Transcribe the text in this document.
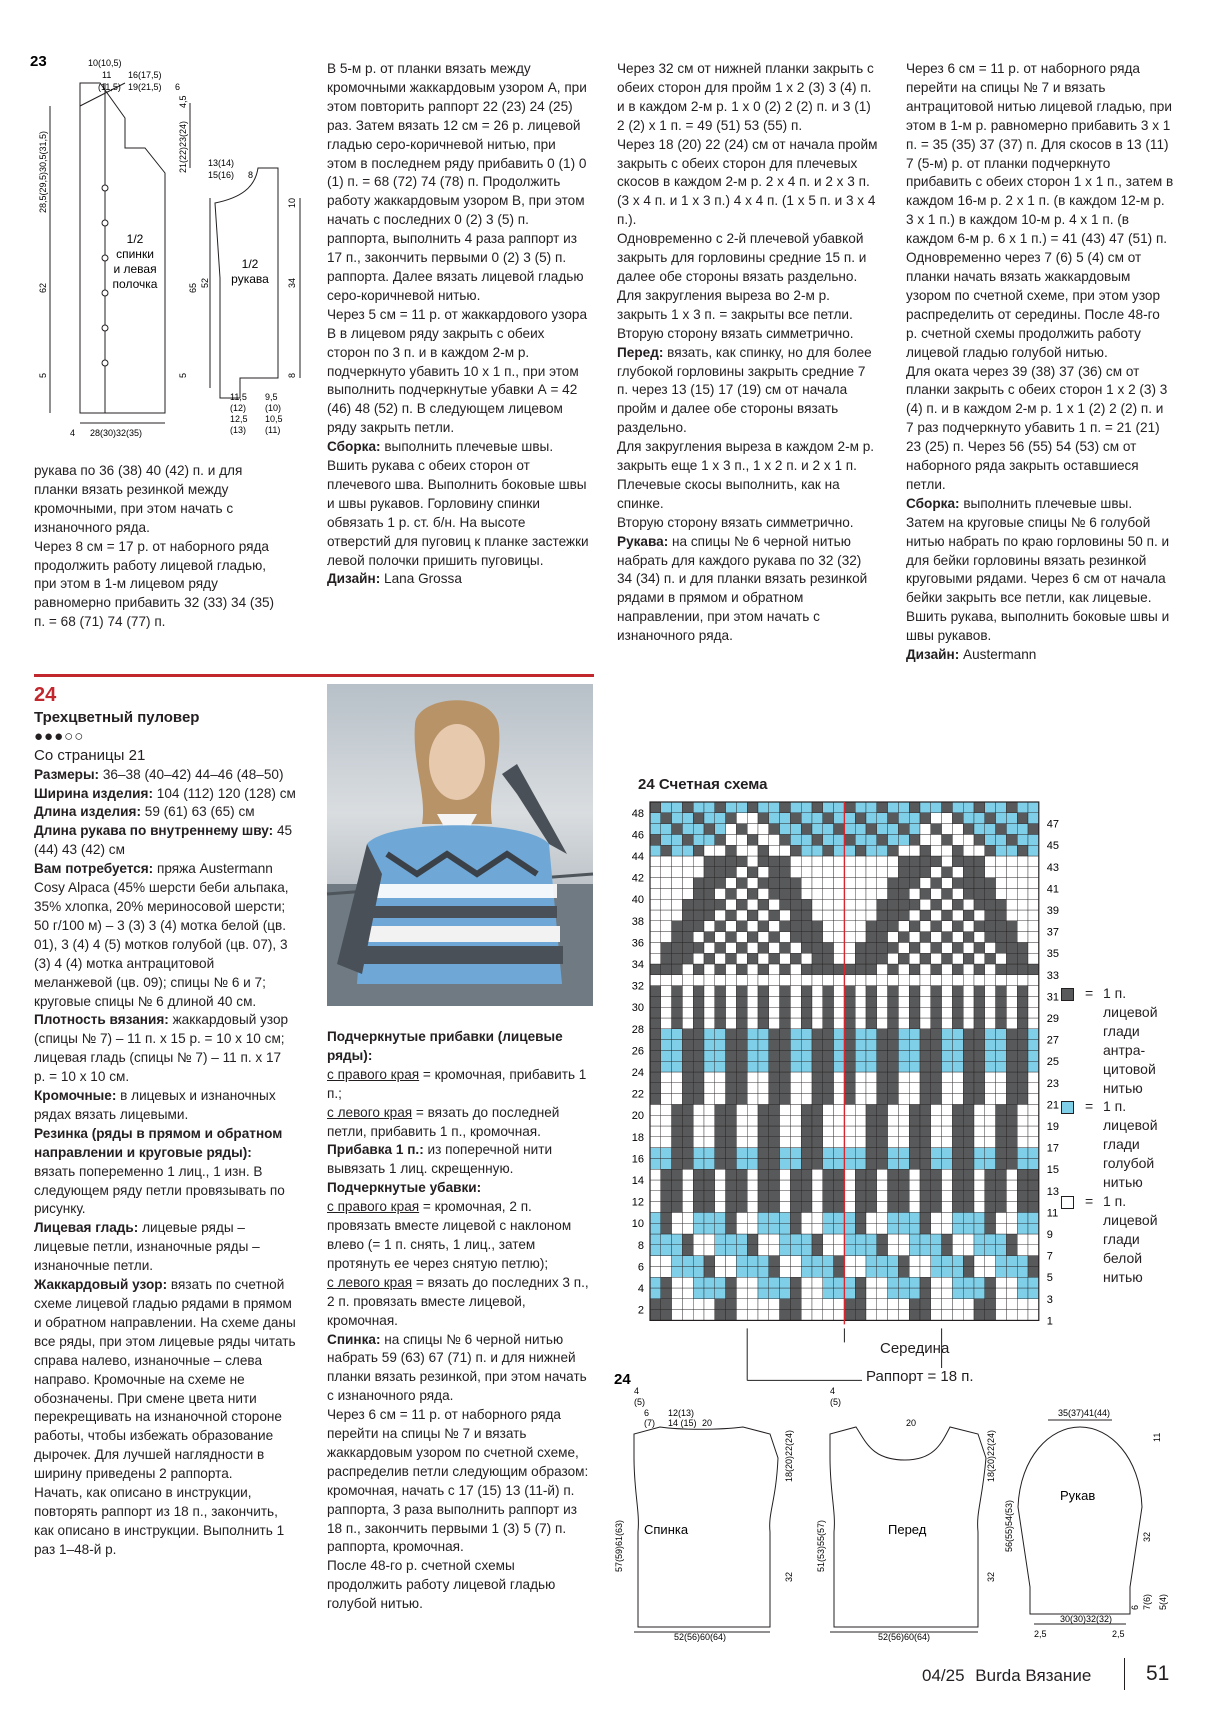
23	10(10,5)
11
(11,5)
16(17,5)
19(21,5) 6
1/2
спинки
и левая
полочка
1/2
рукава
13(14)
15(16) 8
28,5(29,5)30,5(31,5)	21(22)23(24)
4,5
62
5	5
4 28(30)32(35)
10
52
65	34
8
11,5
(12)
12,5
(13)
9,5
(10)
10,5
(11)

рукава по 36 (38) 40 (42) п. и для планки вязать резинкой между кромочными, при этом начать с изнаночного ряда.

Через 8 см = 17 р. от наборного ряда продолжить работу лицевой гладью, при этом в 1-м лицевом ряду равномерно прибавить 32 (33) 34 (35) п. = 68 (71) 74 (77) п.

В 5-м р. от планки вязать между кромочными жаккардовым узором А, при этом повторить раппорт 22 (23) 24 (25) раз. Затем вязать 12 см = 26 р. лицевой гладью серо-коричневой нитью, при этом в последнем ряду прибавить 0 (1) 0 (1) п. = 68 (72) 74 (78) п. Продолжить работу жаккардовым узором В, при этом начать с последних 0 (2) 3 (5) п. раппорта, выполнить 4 раза раппорт из 17 п., закончить первыми 0 (2) 3 (5) п. раппорта. Далее вязать лицевой гладью серо-коричневой нитью.

Через 5 см = 11 р. от жаккардового узора В в лицевом ряду закрыть с обеих сторон по 3 п. и в каждом 2-м р. подчеркнуто убавить 10 х 1 п., при этом выполнить подчеркнутые убавки А = 42 (46) 48 (52) п. В следующем лицевом ряду закрыть петли.

Сборка: выполнить плечевые швы. Вшить рукава с обеих сторон от плечевого шва. Выполнить боковые швы и швы рукавов. Горловину спинки обвязать 1 р. ст. б/н. На высоте отверстий для пуговиц к планке застежки левой полочки пришить пуговицы.

Дизайн: Lana Grossa

Через 32 см от нижней планки закрыть с обеих сторон для пройм 1 х 2 (3) 3 (4) п. и в каждом 2-м р. 1 х 0 (2) 2 (2) п. и 3 (1) 2 (2) х 1 п. = 49 (51) 53 (55) п.

Через 18 (20) 22 (24) см от начала пройм закрыть с обеих сторон для плечевых скосов в каждом 2-м р. 2 х 4 п. и 2 х 3 п. (3 х 4 п. и 1 х 3 п.) 4 х 4 п. (1 х 5 п. и 3 х 4 п.).

Одновременно с 2-й плечевой убавкой закрыть для горловины средние 15 п. и далее обе стороны вязать раздельно. Для закругления выреза во 2-м р. закрыть 1 х 3 п. = закрыты все петли.

Вторую сторону вязать симметрично.

Перед: вязать, как спинку, но для более глубокой горловины закрыть средние 7 п. через 13 (15) 17 (19) см от начала пройм и далее обе стороны вязать раздельно.

Для закругления выреза в каждом 2-м р. закрыть еще 1 х 3 п., 1 х 2 п. и 2 х 1 п.

Плечевые скосы выполнить, как на спинке.

Вторую сторону вязать симметрично.

Рукава: на спицы № 6 черной нитью набрать для каждого рукава по 32 (32) 34 (34) п. и для планки вязать резинкой рядами в прямом и обратном направлении, при этом начать с изнаночного ряда.

Через 6 см = 11 р. от наборного ряда перейти на спицы № 7 и вязать антрацитовой нитью лицевой гладью, при этом в 1-м р. равномерно прибавить 3 х 1 п. = 35 (35) 37 (37) п. Для скосов в 13 (11) 7 (5-м) р. от планки подчеркнуто прибавить с обеих сторон 1 х 1 п., затем в каждом 16-м р. 2 х 1 п. (в каждом 12-м р. 3 х 1 п.) в каждом 10-м р. 4 х 1 п. (в каждом 6-м р. 6 х 1 п.) = 41 (43) 47 (51) п.

Одновременно через 7 (6) 5 (4) см от планки начать вязать жаккардовым узором по счетной схеме, при этом узор распределить от середины. После 48-го р. счетной схемы продолжить работу лицевой гладью голубой нитью.

Для оката через 39 (38) 37 (36) см от планки закрыть с обеих сторон 1 х 2 (3) 3 (4) п. и в каждом 2-м р. 1 х 1 (2) 2 (2) п. и 7 раз подчеркнуто убавить 1 п. = 21 (21) 23 (25) п. Через 56 (55) 54 (53) см от наборного ряда закрыть оставшиеся петли.

Сборка: выполнить плечевые швы. Затем на круговые спицы № 6 голубой нитью набрать по краю горловины 50 п. и для бейки горловины вязать резинкой круговыми рядами. Через 6 см от начала бейки закрыть все петли, как лицевые. Вшить рукава, выполнить боковые швы и швы рукавов.

Дизайн: Austermann

24
Трехцветный пуловер
●●●○○
Со страницы 21

Размеры: 36–38 (40–42) 44–46 (48–50)

Ширина изделия: 104 (112) 120 (128) см

Длина изделия: 59 (61) 63 (65) см

Длина рукава по внутреннему шву: 45 (44) 43 (42) см

Вам потребуется: пряжа Austermann Cosy Alpaca (45% шерсти беби альпака, 35% хлопка, 20% мериносовой шерсти; 50 г/100 м) – 3 (3) 3 (4) мотка белой (цв. 01), 3 (4) 4 (5) мотков голубой (цв. 07), 3 (3) 4 (4) мотка антрацитовой меланжевой (цв. 09); спицы № 6 и 7; круговые спицы № 6 длиной 40 см.

Плотность вязания: жаккардовый узор (спицы № 7) – 11 п. х 15 р. = 10 х 10 см; лицевая гладь (спицы № 7) – 11 п. х 17 р. = 10 х 10 см.

Кромочные: в лицевых и изнаночных рядах вязать лицевыми.

Резинка (ряды в прямом и обратном направлении и круговые ряды): вязать попеременно 1 лиц., 1 изн. В следующем ряду петли провязывать по рисунку.

Лицевая гладь: лицевые ряды – лицевые петли, изнаночные ряды – изнаночные петли.

Жаккардовый узор: вязать по счетной схеме лицевой гладью рядами в прямом и обратном направлении. На схеме даны все ряды, при этом лицевые ряды читать справа налево, изнаночные – слева направо. Кромочные на схеме не обозначены. При смене цвета нити перекрещивать на изнаночной стороне работы, чтобы избежать образование дырочек. Для лучшей наглядности в ширину приведены 2 раппорта.

Начать, как описано в инструкции, повторять раппорт из 18 п., закончить, как описано в инструкции. Выполнить 1 раз 1–48-й р.

Подчеркнутые прибавки (лицевые ряды):

с правого края = кромочная, прибавить 1 п.;

с левого края = вязать до последней петли, прибавить 1 п., кромочная.

Прибавка 1 п.: из поперечной нити вывязать 1 лиц. скрещенную.

Подчеркнутые убавки:

с правого края = кромочная, 2 п. провязать вместе лицевой с наклоном влево (= 1 п. снять, 1 лиц., затем протянуть ее через снятую петлю);

с левого края = вязать до последних 3 п., 2 п. провязать вместе лицевой, кромочная.

Спинка: на спицы № 6 черной нитью набрать 59 (63) 67 (71) п. и для нижней планки вязать резинкой, при этом начать с изнаночного ряда.

Через 6 см = 11 р. от наборного ряда перейти на спицы № 7 и вязать жаккардовым узором по счетной схеме, распределив петли следующим образом: кромочная, начать с 17 (15) 13 (11-й) п. раппорта, 3 раза выполнить раппорт из 18 п., закончить первыми 1 (3) 5 (7) п. раппорта, кромочная.

После 48-го р. счетной схемы продолжить работу лицевой гладью голубой нитью.

24 Счетная схема
48
46
44
42
40
38
36
34
32
30
28
26
24
22
20
18
16
14
12
10
8
6
4
2
47
45
43
41
39
37
35
33
31
29
27
25
23
21
19
17
15
13
11
9
7
5
3
1
Середина
Раппорт = 18 п.
= 1 п.
лицевой
глади
антра-
цитовой
нитью
= 1 п.
лицевой
глади
голубой
нитью
= 1 п.
лицевой
глади
белой
нитью
24
Спинка	Перед
Рукав
4
(5)
6
(7)
12(13)
14 (15) 20
4
(5)
20
18(20)22(24)
32
57(59)61(63)	51(53)55(57)
18(20)22(24)
32
52(56)60(64)	52(56)60(64)
35(37)41(44)
11
56(55)54(53)	32
7(6) 5(4)
6
30(30)32(32)
2,5	2,5
04/25 Burda Вязание	51
